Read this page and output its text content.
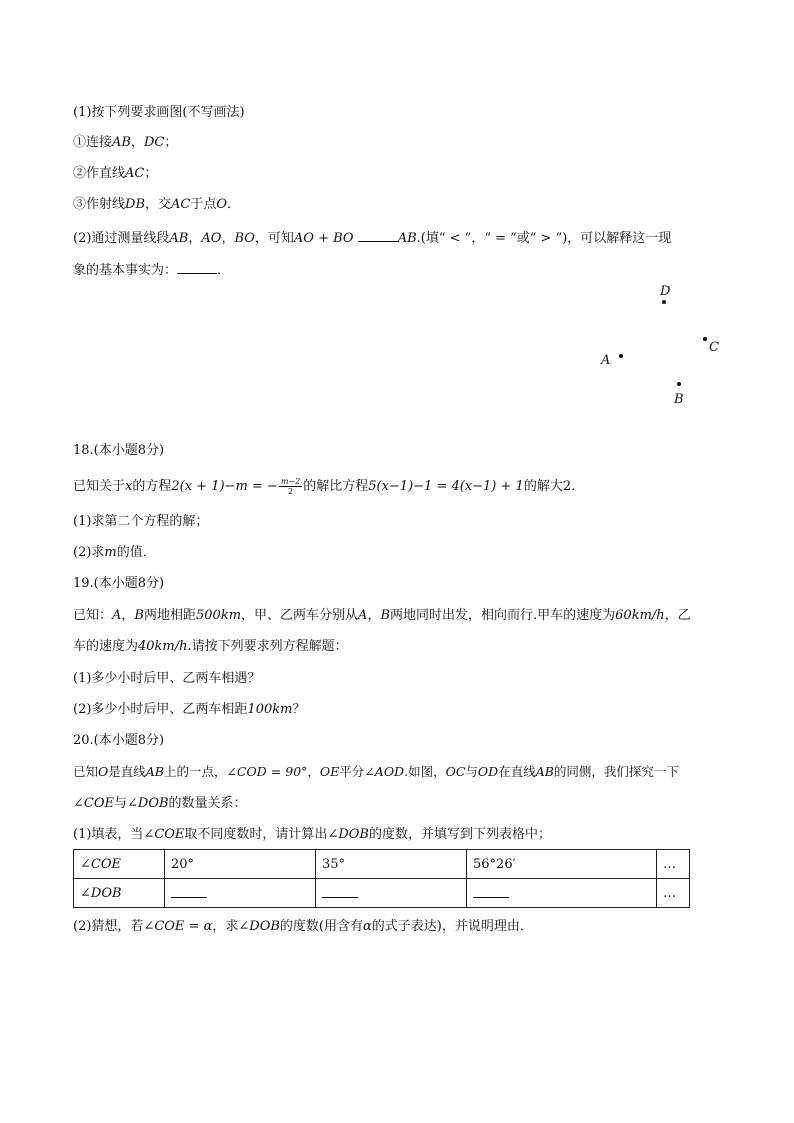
(1)按下列要求画图(不写画法)
①连接AB，DC；
②作直线AC；
③作射线DB，交AC于点O．
(2)通过测量线段AB，AO，BO，可知AO + BO	AB.(填“ < ”，“ = ”或“ > ”)，可以解释这一现
象的基本事实为：	．
D
C
A
B
18.(本小题8分)
已知关于x的方程2(x + 1)−m = − $\frac{m-2}{2}$ 的解比方程5(x−1)−1 = 4(x−1) + 1的解大2．
(1)求第二个方程的解；
(2)求m的值．
19.(本小题8分)
已知：A，B两地相距500km，甲、乙两车分别从A，B两地同时出发，相向而行.甲车的速度为60km/h，乙
车的速度为40km/h.请按下列要求列方程解题：
(1)多少小时后甲、乙两车相遇？
(2)多少小时后甲、乙两车相距100km？
20.(本小题8分)
已知O是直线AB上的一点，∠COD = 90°，OE平分∠AOD.如图，OC与OD在直线AB的同侧，我们探究一下
∠COE与∠DOB的数量关系：
(1)填表，当∠COE取不同度数时，请计算出∠DOB的度数，并填写到下列表格中；
∠COE	20°	35°	56°26′	…
∠DOB				…
(2)猜想，若∠COE = α，求∠DOB的度数(用含有α的式子表达)，并说明理由．
